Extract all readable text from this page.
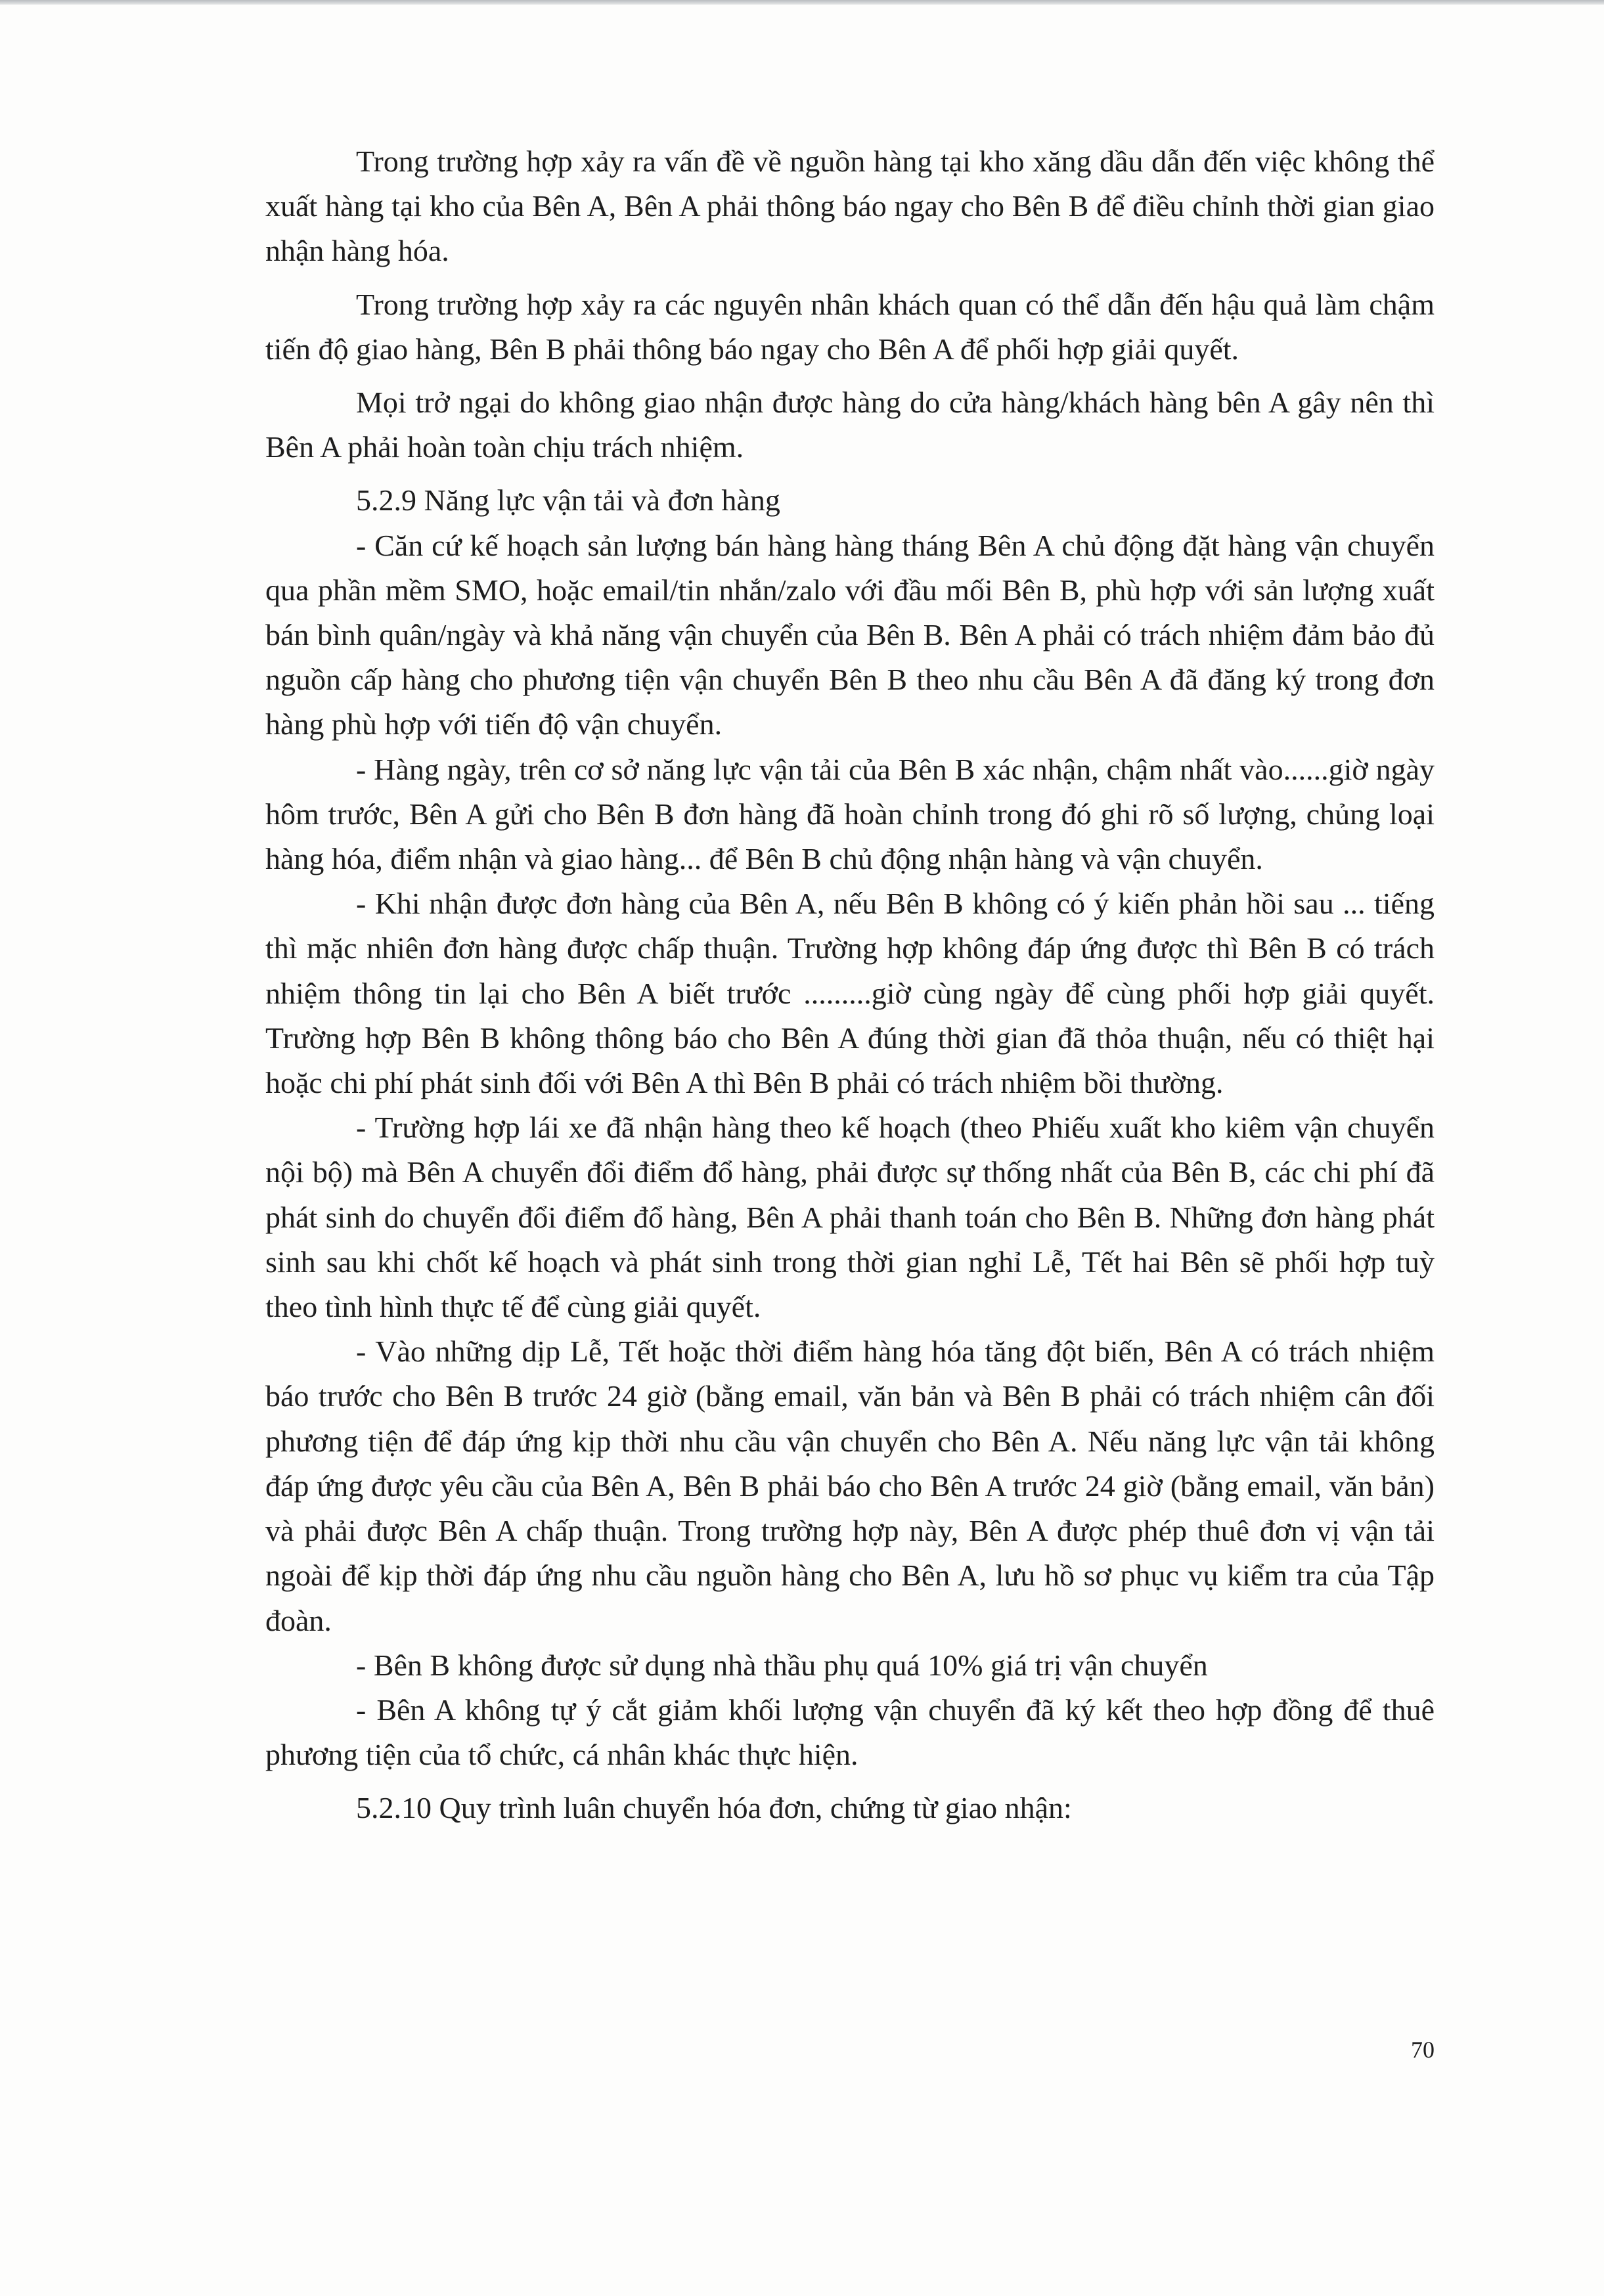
Trong trường hợp xảy ra vấn đề về nguồn hàng tại kho xăng dầu dẫn đến việc không thể xuất hàng tại kho của Bên A, Bên A phải thông báo ngay cho Bên B để điều chỉnh thời gian giao nhận hàng hóa.

Trong trường hợp xảy ra các nguyên nhân khách quan có thể dẫn đến hậu quả làm chậm tiến độ giao hàng, Bên B phải thông báo ngay cho Bên A để phối hợp giải quyết.

Mọi trở ngại do không giao nhận được hàng do cửa hàng/khách hàng bên A gây nên thì Bên A phải hoàn toàn chịu trách nhiệm.

5.2.9 Năng lực vận tải và đơn hàng

- Căn cứ kế hoạch sản lượng bán hàng hàng tháng Bên A chủ động đặt hàng vận chuyển qua phần mềm SMO, hoặc email/tin nhắn/zalo với đầu mối Bên B, phù hợp với sản lượng xuất bán bình quân/ngày và khả năng vận chuyển của Bên B. Bên A phải có trách nhiệm đảm bảo đủ nguồn cấp hàng cho phương tiện vận chuyển Bên B theo nhu cầu Bên A đã đăng ký trong đơn hàng phù hợp với tiến độ vận chuyển.

- Hàng ngày, trên cơ sở năng lực vận tải của Bên B xác nhận, chậm nhất vào......giờ ngày hôm trước, Bên A gửi cho Bên B đơn hàng đã hoàn chỉnh trong đó ghi rõ số lượng, chủng loại hàng hóa, điểm nhận và giao hàng... để Bên B chủ động nhận hàng và vận chuyển.

- Khi nhận được đơn hàng của Bên A, nếu Bên B không có ý kiến phản hồi sau ... tiếng thì mặc nhiên đơn hàng được chấp thuận. Trường hợp không đáp ứng được thì Bên B có trách nhiệm thông tin lại cho Bên A biết trước .........giờ cùng ngày để cùng phối hợp giải quyết. Trường hợp Bên B không thông báo cho Bên A đúng thời gian đã thỏa thuận, nếu có thiệt hại hoặc chi phí phát sinh đối với Bên A thì Bên B phải có trách nhiệm bồi thường.

- Trường hợp lái xe đã nhận hàng theo kế hoạch (theo Phiếu xuất kho kiêm vận chuyển nội bộ) mà Bên A chuyển đổi điểm đổ hàng, phải được sự thống nhất của Bên B, các chi phí đã phát sinh do chuyển đổi điểm đổ hàng, Bên A phải thanh toán cho Bên B. Những đơn hàng phát sinh sau khi chốt kế hoạch và phát sinh trong thời gian nghỉ Lễ, Tết hai Bên sẽ phối hợp tuỳ theo tình hình thực tế để cùng giải quyết.

- Vào những dịp Lễ, Tết hoặc thời điểm hàng hóa tăng đột biến, Bên A có trách nhiệm báo trước cho Bên B trước 24 giờ (bằng email, văn bản và Bên B phải có trách nhiệm cân đối phương tiện để đáp ứng kịp thời nhu cầu vận chuyển cho Bên A. Nếu năng lực vận tải không đáp ứng được yêu cầu của Bên A, Bên B phải báo cho Bên A trước 24 giờ (bằng email, văn bản) và phải được Bên A chấp thuận. Trong trường hợp này, Bên A được phép thuê đơn vị vận tải ngoài để kịp thời đáp ứng nhu cầu nguồn hàng cho Bên A, lưu hồ sơ phục vụ kiểm tra của Tập đoàn.

- Bên B không được sử dụng nhà thầu phụ quá 10% giá trị vận chuyển

- Bên A không tự ý cắt giảm khối lượng vận chuyển đã ký kết theo hợp đồng để thuê phương tiện của tổ chức, cá nhân khác thực hiện.

5.2.10 Quy trình luân chuyển hóa đơn, chứng từ giao nhận:

70
